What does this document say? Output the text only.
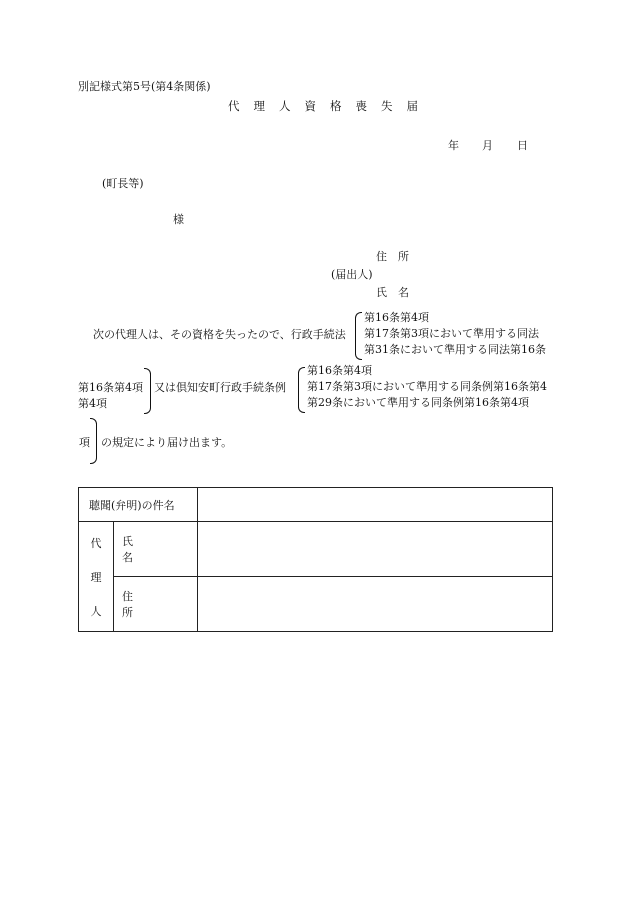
別記様式第5号(第4条関係)
代理人資格喪失届
年 月 日
(町長等)
様
住　所
(届出人)
氏　名
次の代理人は、その資格を失ったので、行政手続法
第16条第4項
第17条第3項において準用する同法
第31条において準用する同法第16条
第16条第4項
第4項
又は倶知安町行政手続条例
第16条第4項
第17条第3項において準用する同条例第16条第4
第29条において準用する同条例第16条第4項
項 の規定により届け出ます。
聴聞(弁明)の件名		

代
理
人	氏名	
	住所	
